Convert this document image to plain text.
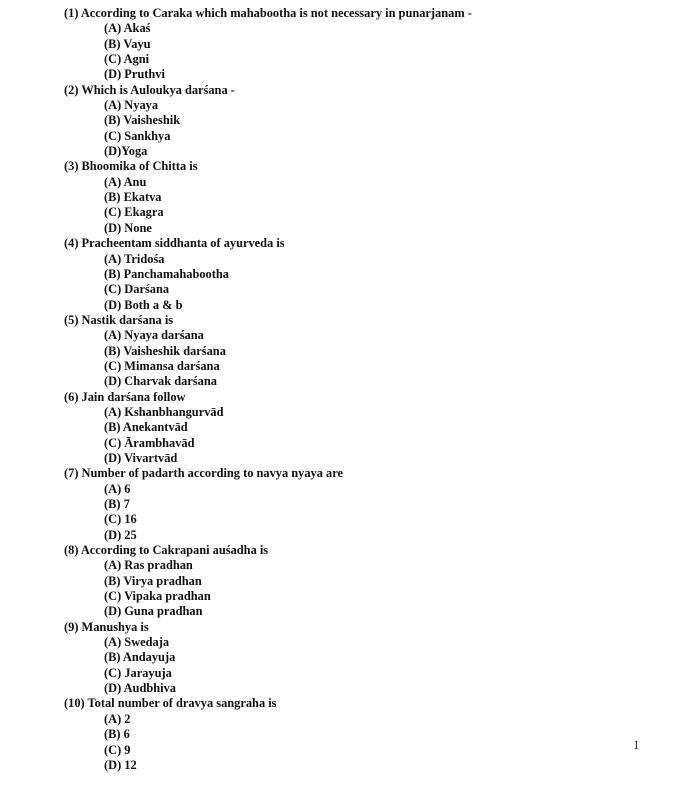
(1) According to Caraka which mahabootha is not necessary in punarjanam -
(A) Akaś
(B) Vayu
(C) Agni
(D) Pruthvi
(2) Which is Auloukya darśana -
(A) Nyaya
(B) Vaisheshik
(C) Sankhya
(D)Yoga
(3) Bhoomika of Chitta is
(A) Anu
(B) Ekatva
(C) Ekagra
(D) None
(4) Pracheentam siddhanta of ayurveda is
(A) Tridośa
(B) Panchamahabootha
(C) Darśana
(D) Both a & b
(5) Nastik darśana is
(A) Nyaya darśana
(B) Vaisheshik darśana
(C) Mimansa darśana
(D) Charvak darśana
(6) Jain darśana follow
(A) Kshanbhangurvād
(B) Anekantvād
(C) Ārambhavād
(D) Vivartvād
(7) Number of padarth according to navya nyaya are
(A) 6
(B) 7
(C) 16
(D) 25
(8) According to Cakrapani auśadha is
(A) Ras pradhan
(B) Virya pradhan
(C) Vipaka pradhan
(D) Guna pradhan
(9) Manushya is
(A) Swedaja
(B) Andayuja
(C) Jarayuja
(D) Audbhiva
(10) Total number of dravya sangraha is
(A) 2
(B) 6
(C) 9
(D) 12
1
